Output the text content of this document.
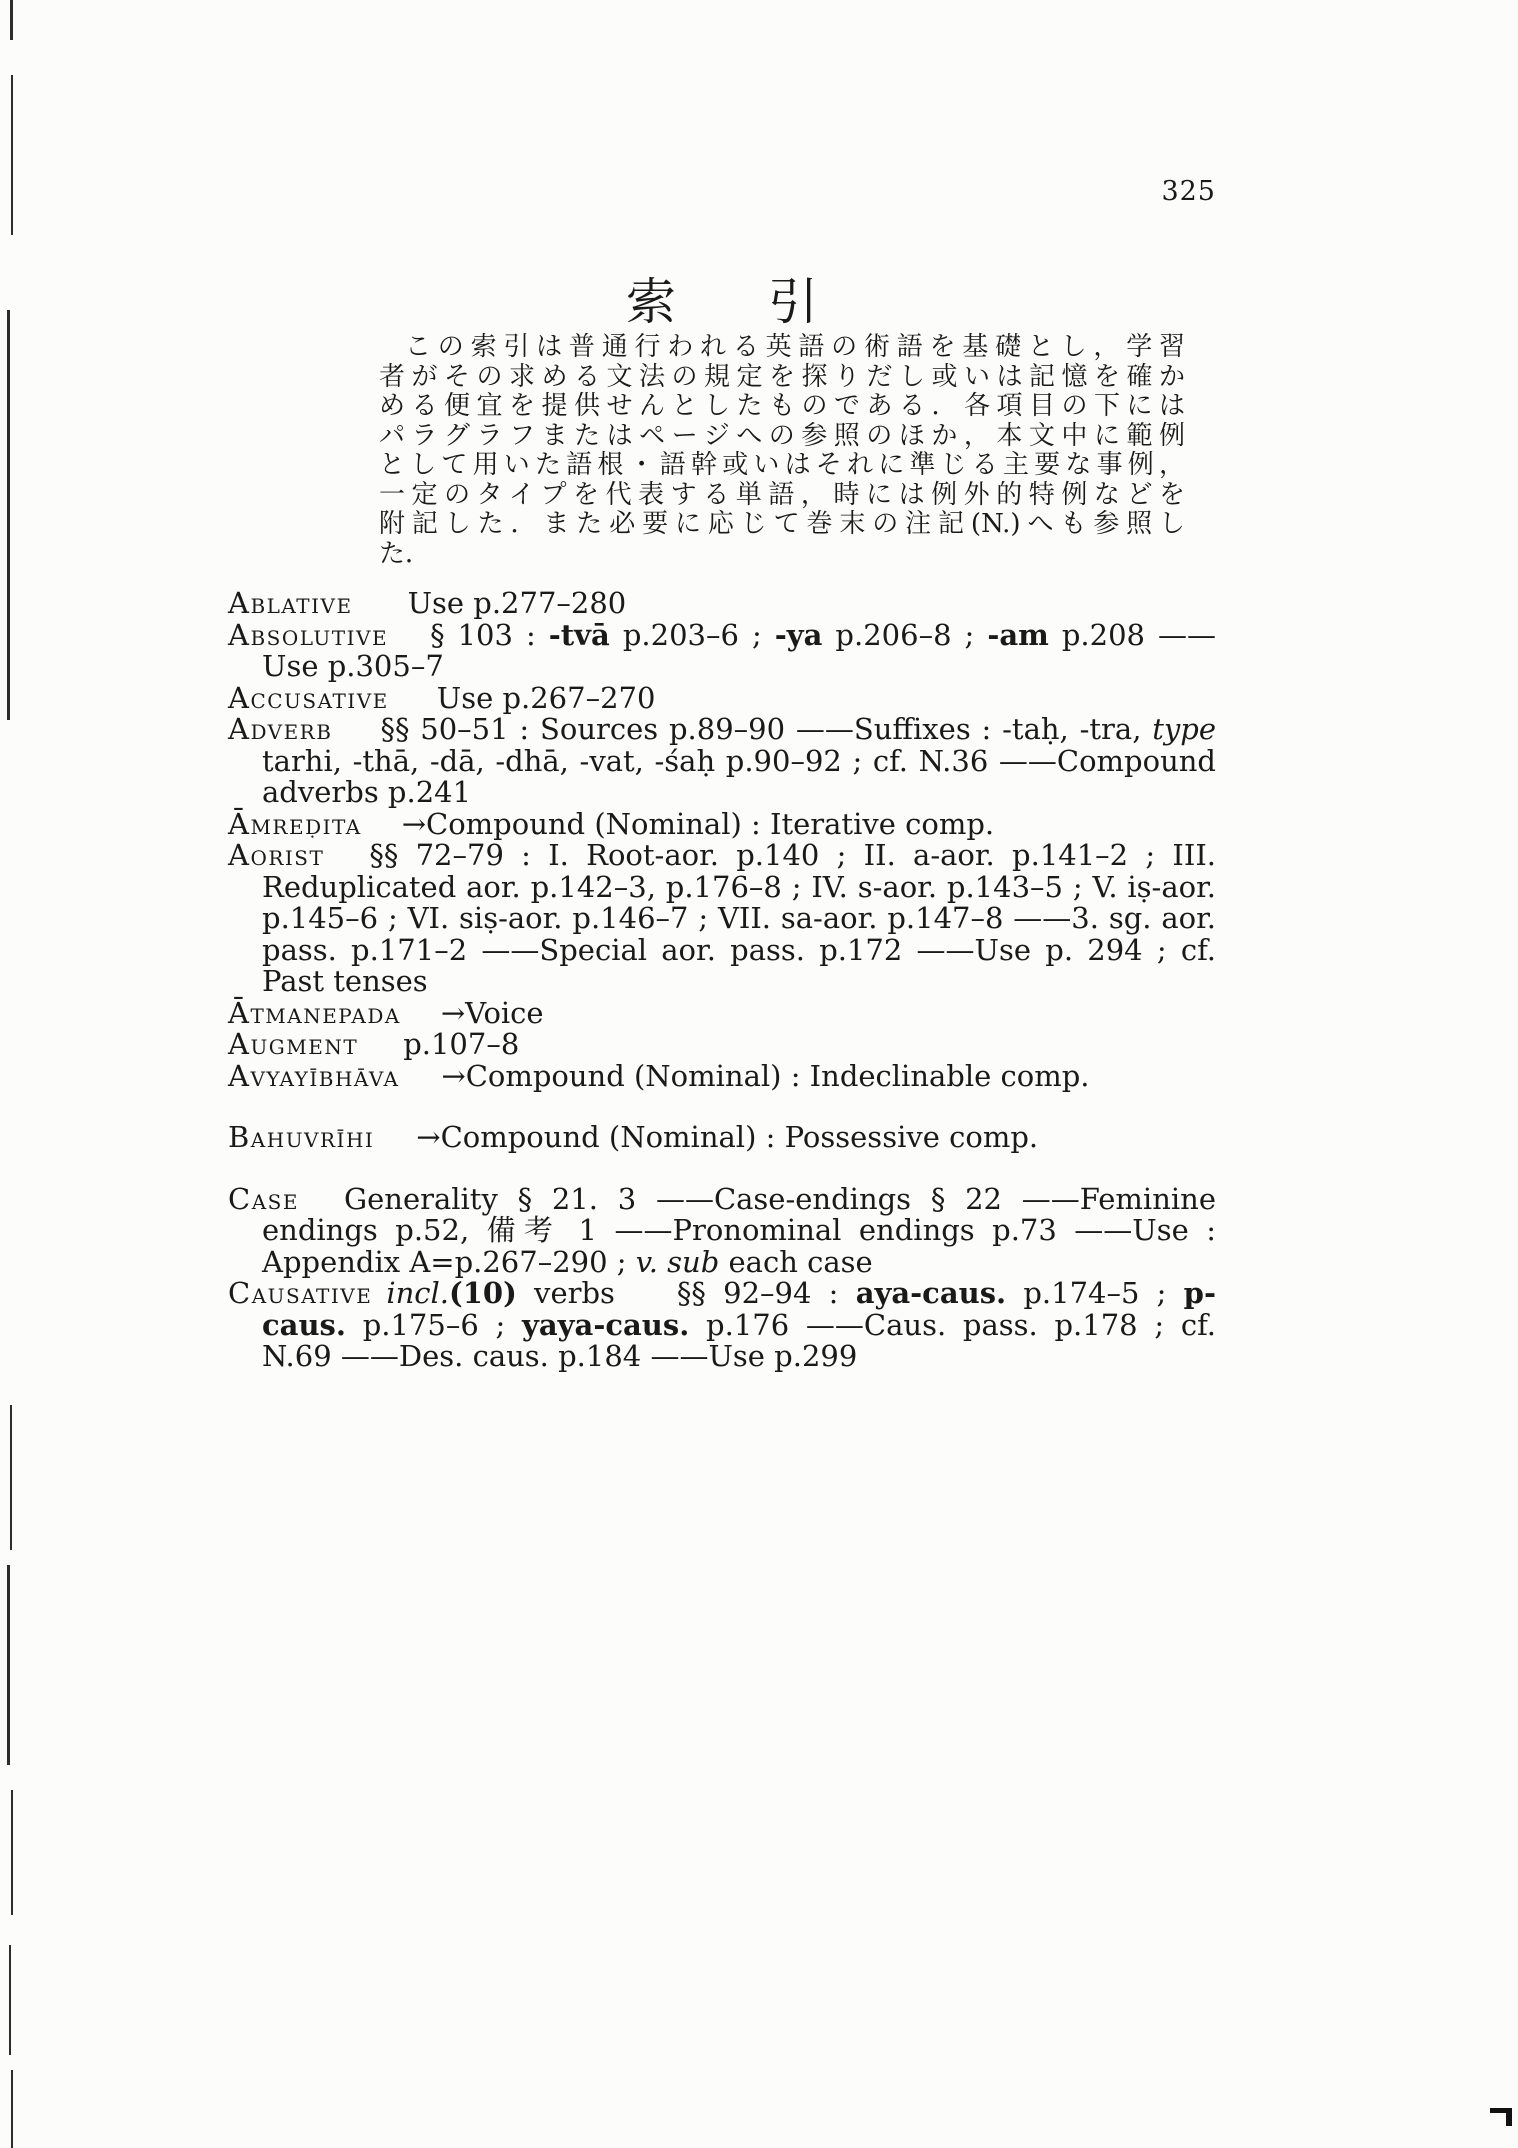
325
索 引
この索引は普通行われる英語の術語を基礎とし，学習
者がその求める文法の規定を探りだし或いは記憶を確か
める便宜を提供せんとしたものである．各項目の下には
パラグラフまたはページへの参照のほか，本文中に範例
として用いた語根・語幹或いはそれに準じる主要な事例，
一定のタイプを代表する単語，時には例外的特例などを
附記した．また必要に応じて巻末の注記(N.)へも参照し
た．

Ablative Use p.277–280

Absolutive § 103 : -tvā p.203–6 ; -ya p.206–8 ; -am p.208 ——Use p.305–7

Accusative Use p.267–270

Adverb §§ 50–51 : Sources p.89–90 ——Suffixes : -taḥ, -tra, type tarhi, -thā, -dā, -dhā, -vat, -śaḥ p.90–92 ; cf. N.36 ——Compound adverbs p.241

Āmreḍita →Compound (Nominal) : Iterative comp.

Aorist §§ 72–79 : I. Root-aor. p.140 ; II. a-aor. p.141–2 ; III. Reduplicated aor. p.142–3, p.176–8 ; IV. s-aor. p.143–5 ; V. iṣ-aor. p.145–6 ; VI. siṣ-aor. p.146–7 ; VII. sa-aor. p.147–8 ——3. sg. aor. pass. p.171–2 ——Special aor. pass. p.172 ——Use p. 294 ; cf. Past tenses

Ātmanepada →Voice

Augment p.107–8

Avyayībhāva →Compound (Nominal) : Indeclinable comp.

Bahuvrīhi →Compound (Nominal) : Possessive comp.

Case Generality § 21. 3 ——Case-endings § 22 ——Feminine endings p.52, 備考 1 ——Pronominal endings p.73 ——Use : Appendix A=p.267–290 ; v. sub each case

Causative incl.(10) verbs §§ 92–94 : aya-caus. p.174–5 ; p-caus. p.175–6 ; yaya-caus. p.176 ——Caus. pass. p.178 ; cf. N.69 ——Des. caus. p.184 ——Use p.299
